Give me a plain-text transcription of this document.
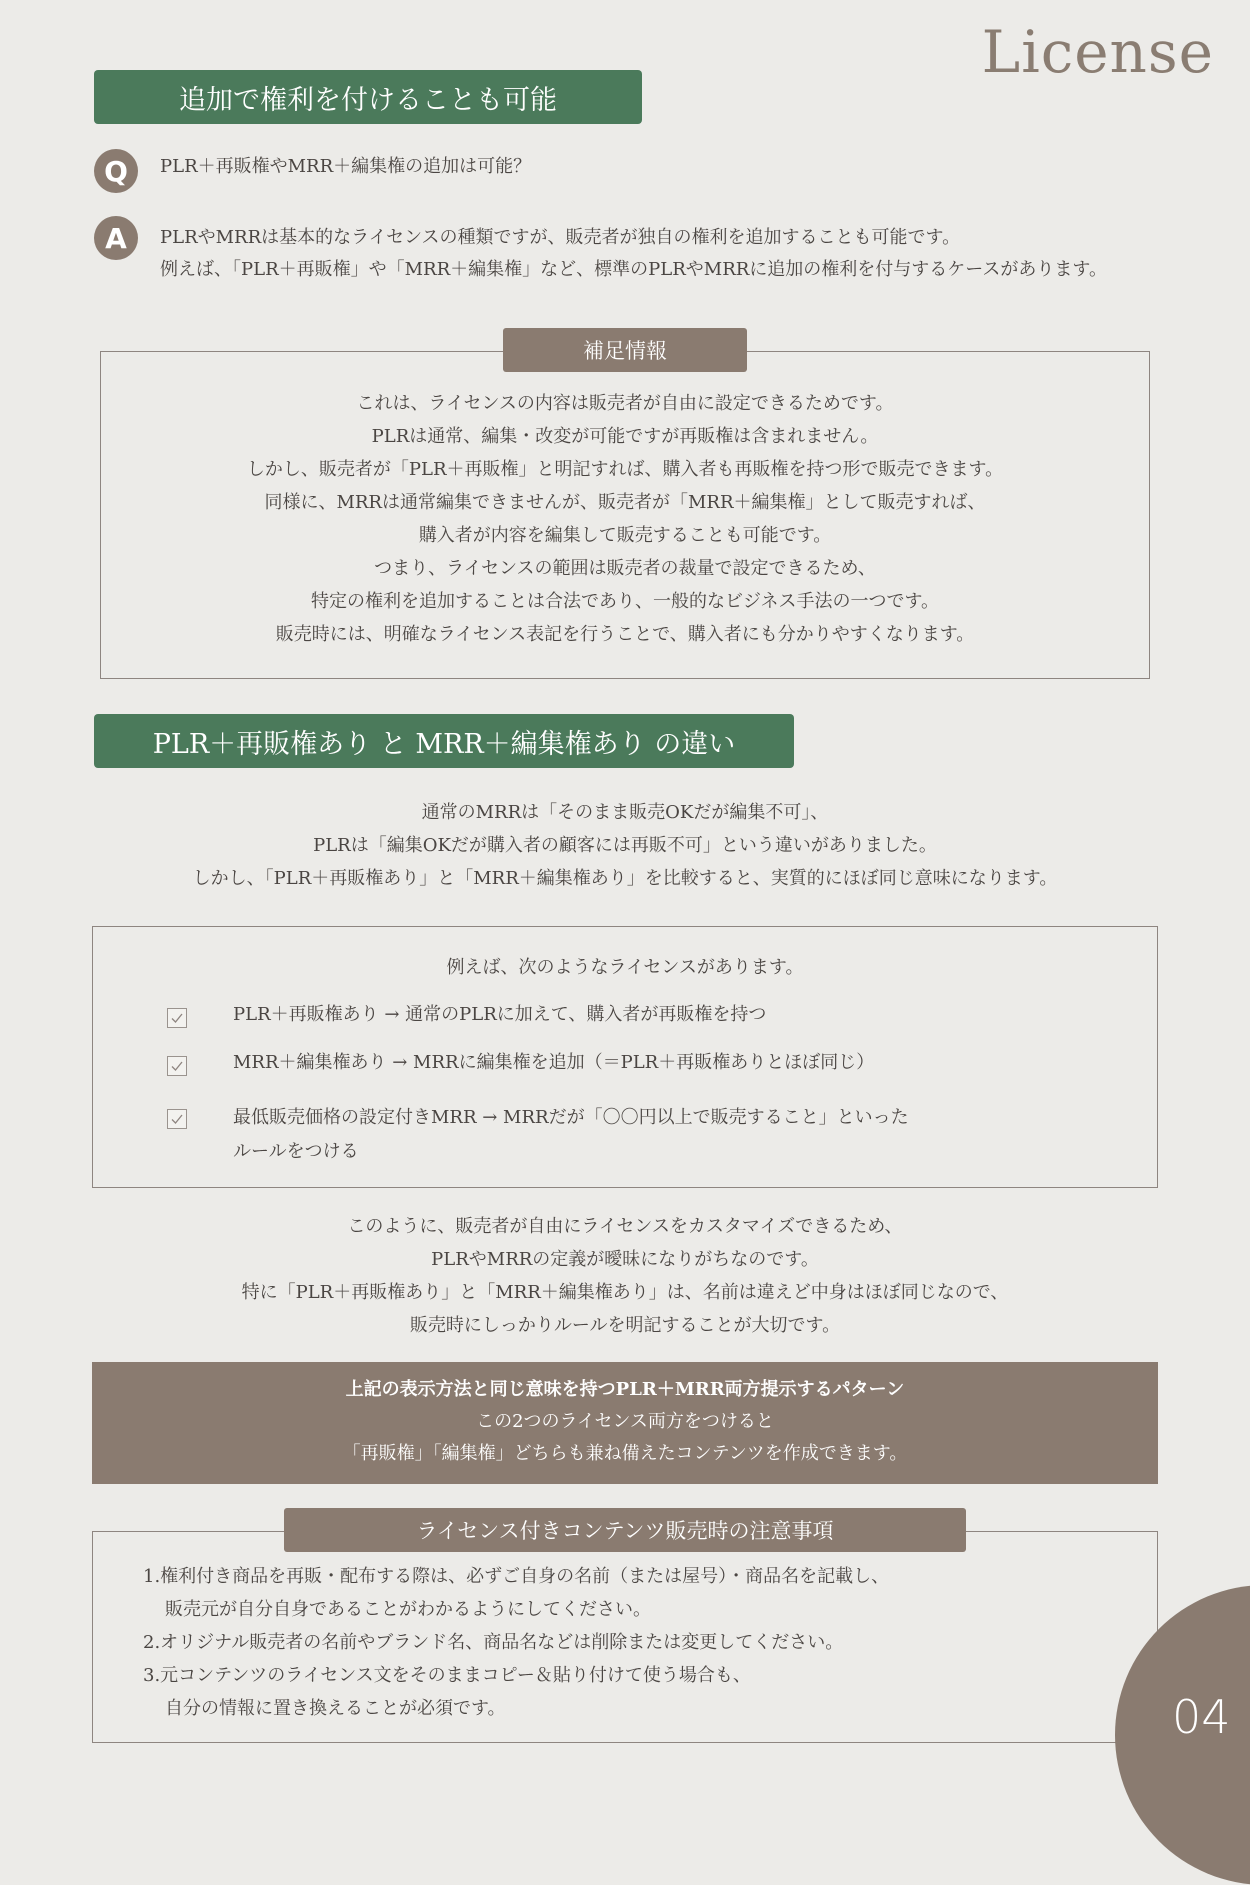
License
追加で権利を付けることも可能
Q PLR＋再販権やMRR＋編集権の追加は可能？
A PLRやMRRは基本的なライセンスの種類ですが、販売者が独自の権利を追加することも可能です。
例えば、「PLR＋再販権」や「MRR＋編集権」など、標準のPLRやMRRに追加の権利を付与するケースがあります。
これは、ライセンスの内容は販売者が自由に設定できるためです。
PLRは通常、編集・改変が可能ですが再販権は含まれません。
しかし、販売者が「PLR＋再販権」と明記すれば、購入者も再販権を持つ形で販売できます。
同様に、MRRは通常編集できませんが、販売者が「MRR＋編集権」として販売すれば、
購入者が内容を編集して販売することも可能です。
つまり、ライセンスの範囲は販売者の裁量で設定できるため、
特定の権利を追加することは合法であり、一般的なビジネス手法の一つです。
販売時には、明確なライセンス表記を行うことで、購入者にも分かりやすくなります。
補足情報
PLR＋再販権あり と MRR＋編集権あり の違い
通常のMRRは「そのまま販売OKだが編集不可」、
PLRは「編集OKだが購入者の顧客には再販不可」という違いがありました。
しかし、「PLR＋再販権あり」と「MRR＋編集権あり」を比較すると、実質的にほぼ同じ意味になります。
例えば、次のようなライセンスがあります。
PLR＋再販権あり → 通常のPLRに加えて、購入者が再販権を持つ
MRR＋編集権あり → MRRに編集権を追加（＝PLR＋再販権ありとほぼ同じ）
最低販売価格の設定付きMRR → MRRだが「〇〇円以上で販売すること」といった
ルールをつける
このように、販売者が自由にライセンスをカスタマイズできるため、
PLRやMRRの定義が曖昧になりがちなのです。
特に「PLR＋再販権あり」と「MRR＋編集権あり」は、名前は違えど中身はほぼ同じなので、
販売時にしっかりルールを明記することが大切です。
上記の表示方法と同じ意味を持つPLR＋MRR両方提示するパターン
この2つのライセンス両方をつけると
「再販権」「編集権」どちらも兼ね備えたコンテンツを作成できます。
1.権利付き商品を再販・配布する際は、必ずご自身の名前（または屋号）・商品名を記載し、
販売元が自分自身であることがわかるようにしてください。
2.オリジナル販売者の名前やブランド名、商品名などは削除または変更してください。
3.元コンテンツのライセンス文をそのままコピー＆貼り付けて使う場合も、
自分の情報に置き換えることが必須です。
ライセンス付きコンテンツ販売時の注意事項
04
